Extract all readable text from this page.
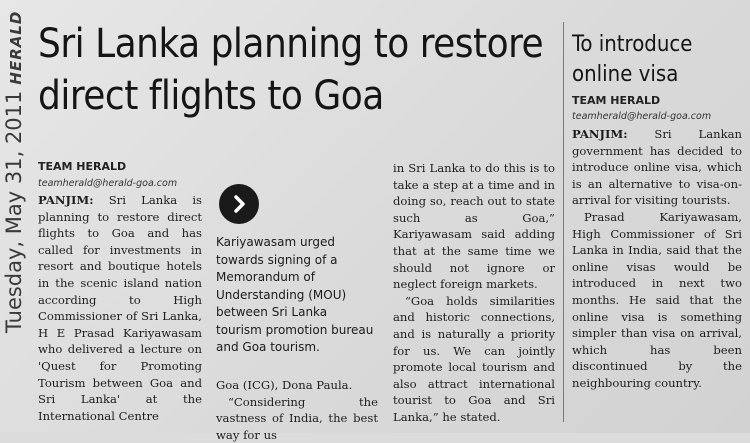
Tuesday, May 31, 2011HERALD Sri Lanka planning to restore
direct flights to Goa
TEAM HERALD
teamherald@herald-goa.com

PANJIM: Sri Lanka is planning to restore direct flights to Goa and has called for investments in resort and boutique hotels in the scenic island nation according to High Commissioner of Sri Lanka, H E Prasad Kariyawasam who delivered a lecture on 'Quest for Promoting Tourism between Goa and Sri Lanka' at the International Centre

Kariyawasam urged towards signing of a Memorandum of Understanding (MOU) between Sri Lanka tourism promotion bureau and Goa tourism.

Goa (ICG), Dona Paula.

“Considering the vastness of India, the best way for us

in Sri Lanka to do this is to take a step at a time and in doing so, reach out to state such as Goa,” Kariyawasam said adding that at the same time we should not ignore or neglect foreign markets.

“Goa holds similarities and historic connections, and is naturally a priority for us. We can jointly promote local tourism and also attract international tourist to Goa and Sri Lanka,” he stated.

To introduce
online visa
TEAM HERALD
teamherald@herald-goa.com

PANJIM: Sri Lankan government has decided to introduce online visa, which is an alternative to visa-on-arrival for visiting tourists.

Prasad Kariyawasam, High Commissioner of Sri Lanka in India, said that the online visas would be introduced in next two months. He said that the online visa is something simpler than visa on arrival, which has been discontinued by the neighbouring country.
